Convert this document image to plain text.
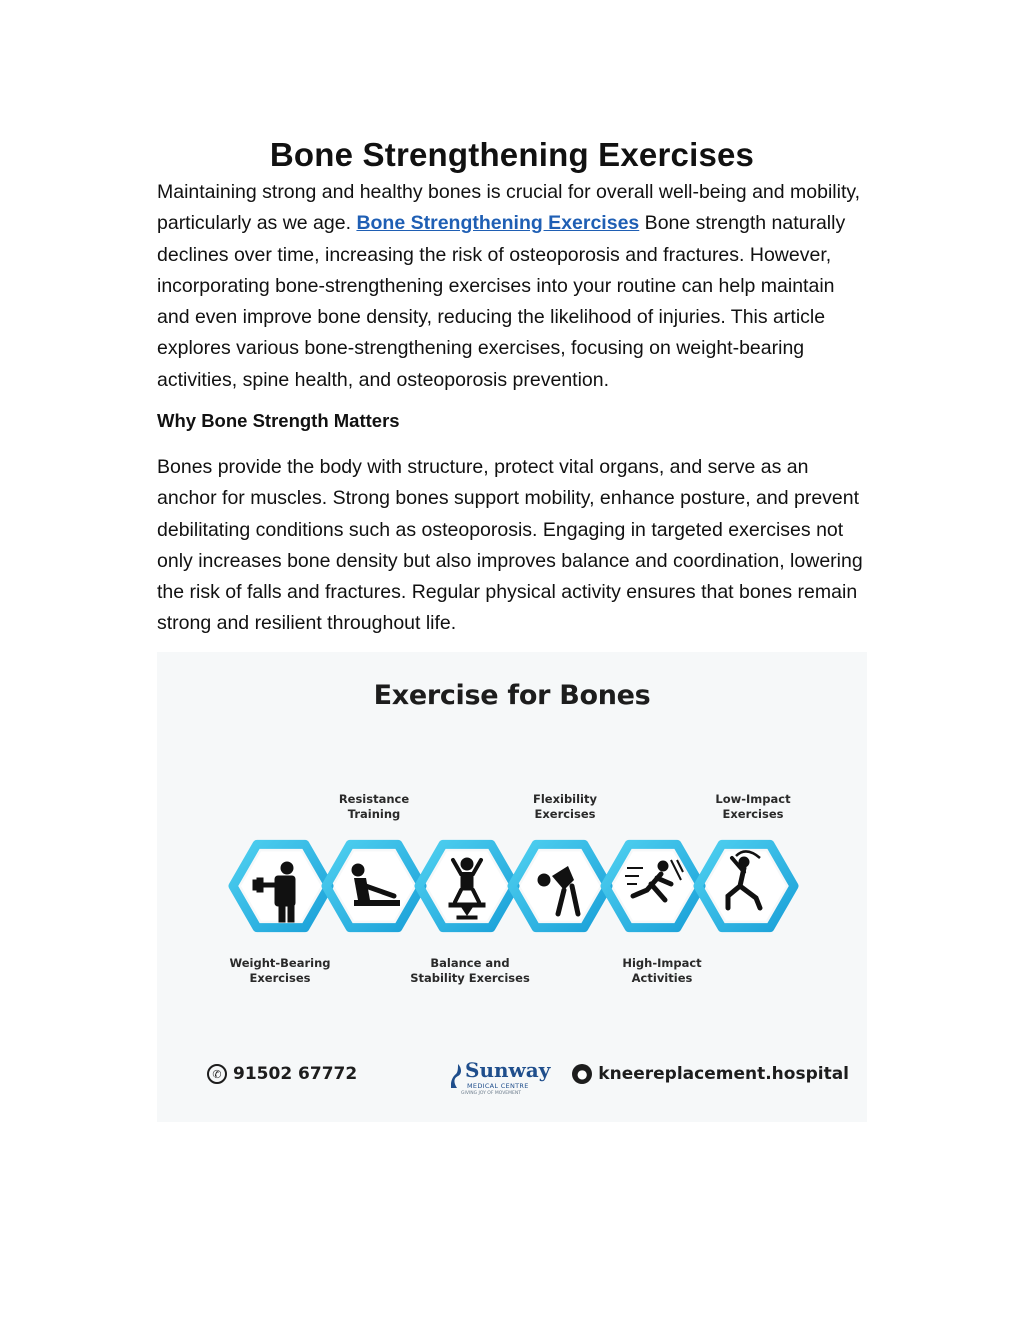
Bone Strengthening Exercises

Maintaining strong and healthy bones is crucial for overall well-being and mobility, particularly as we age. Bone Strengthening Exercises Bone strength naturally declines over time, increasing the risk of osteoporosis and fractures. However, incorporating bone-strengthening exercises into your routine can help maintain and even improve bone density, reducing the likelihood of injuries. This article explores various bone-strengthening exercises, focusing on weight-bearing activities, spine health, and osteoporosis prevention.

Why Bone Strength Matters

Bones provide the body with structure, protect vital organs, and serve as an anchor for muscles. Strong bones support mobility, enhance posture, and prevent debilitating conditions such as osteoporosis. Engaging in targeted exercises not only increases bone density but also improves balance and coordination, lowering the risk of falls and fractures. Regular physical activity ensures that bones remain strong and resilient throughout life.

Exercise for Bones
Resistance
Training
Flexibility
Exercises
Low-Impact
Exercises
Weight-Bearing
Exercises
Balance and
Stability Exercises
High-Impact
Activities
✆ 91502 67772	Sunway
MEDICAL CENTRE
GIVING JOY OF MOVEMENT
● kneereplacement.hospital
